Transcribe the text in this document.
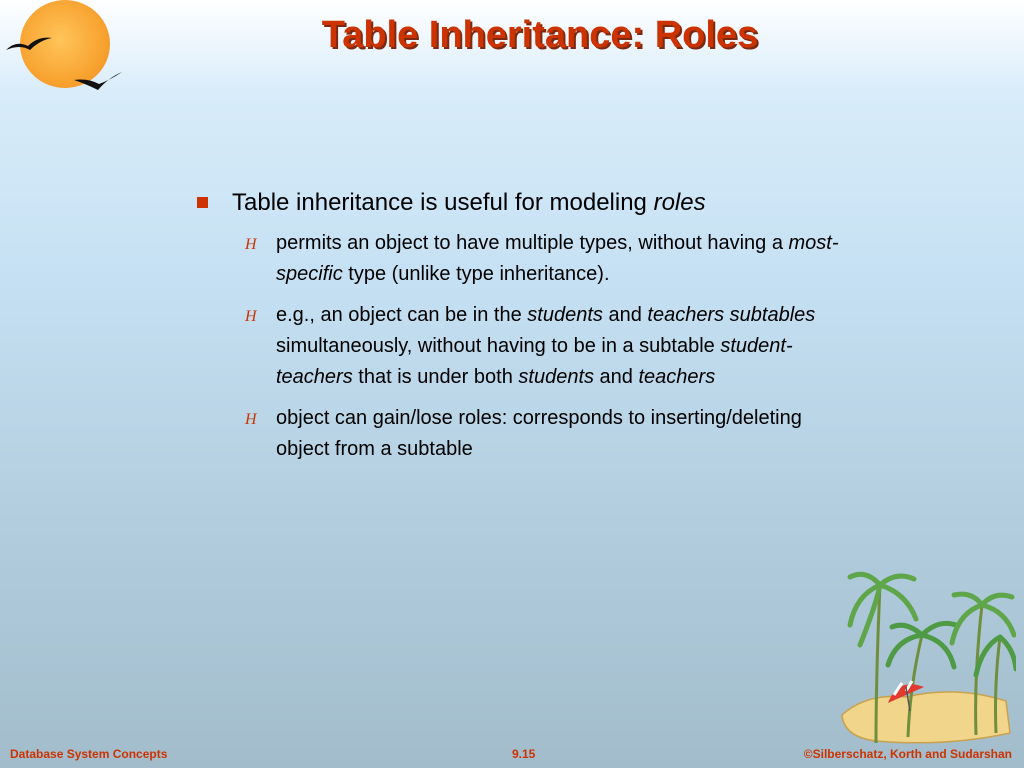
Table Inheritance: Roles
Table inheritance is useful for modeling roles
H permits an object to have multiple types, without having a most-specific type (unlike type inheritance).
H e.g., an object can be in the students and teachers subtables simultaneously, without having to be in a subtable student-teachers that is under both students and teachers
H object can gain/lose roles: corresponds to inserting/deleting object from a subtable
Database System Concepts	9.15	©Silberschatz, Korth and Sudarshan
